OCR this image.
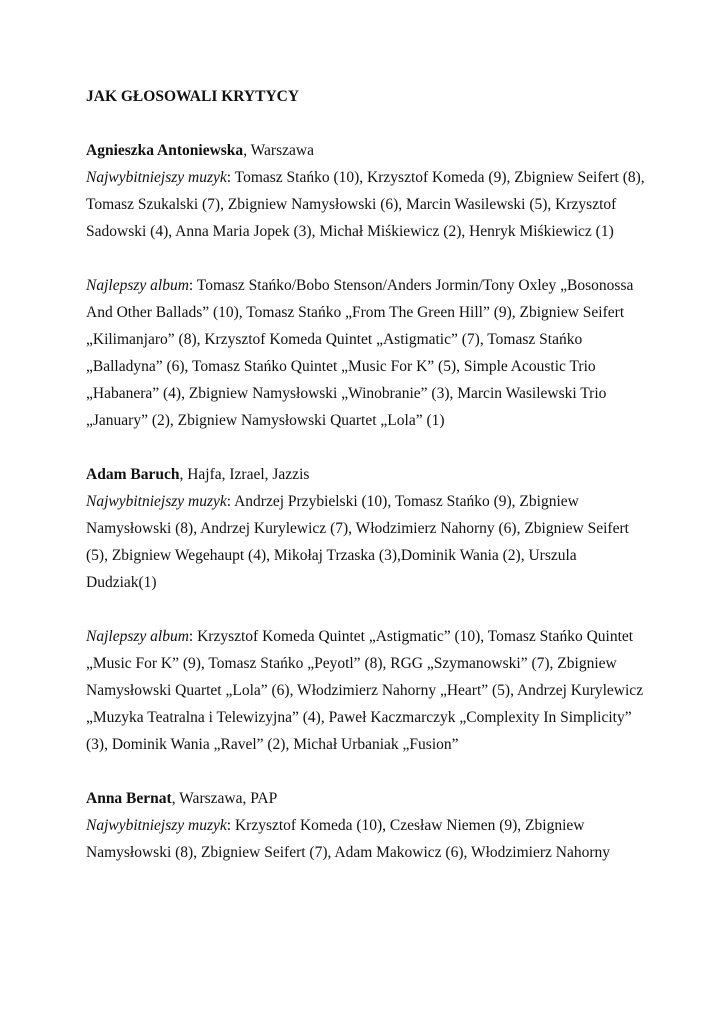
JAK GŁOSOWALI KRYTYCY

Agnieszka Antoniewska, Warszawa
Najwybitniejszy muzyk: Tomasz Stańko (10), Krzysztof Komeda (9), Zbigniew Seifert (8), Tomasz Szukalski (7), Zbigniew Namysłowski (6), Marcin Wasilewski (5), Krzysztof Sadowski (4), Anna Maria Jopek (3), Michał Miśkiewicz (2), Henryk Miśkiewicz (1)

Najlepszy album: Tomasz Stańko/Bobo Stenson/Anders Jormin/Tony Oxley „Bosonossa And Other Ballads” (10), Tomasz Stańko „From The Green Hill” (9), Zbigniew Seifert „Kilimanjaro” (8), Krzysztof Komeda Quintet „Astigmatic” (7), Tomasz Stańko „Balladyna” (6), Tomasz Stańko Quintet „Music For K” (5), Simple Acoustic Trio „Habanera” (4), Zbigniew Namysłowski „Winobranie” (3), Marcin Wasilewski Trio „January” (2), Zbigniew Namysłowski Quartet „Lola” (1)

Adam Baruch, Hajfa, Izrael, Jazzis
Najwybitniejszy muzyk: Andrzej Przybielski (10), Tomasz Stańko (9), Zbigniew Namysłowski (8), Andrzej Kurylewicz (7), Włodzimierz Nahorny (6), Zbigniew Seifert (5), Zbigniew Wegehaupt (4), Mikołaj Trzaska (3),Dominik Wania (2), Urszula Dudziak(1)

Najlepszy album: Krzysztof Komeda Quintet „Astigmatic” (10), Tomasz Stańko Quintet „Music For K” (9), Tomasz Stańko „Peyotl” (8), RGG „Szymanowski” (7), Zbigniew Namysłowski Quartet „Lola” (6), Włodzimierz Nahorny „Heart” (5), Andrzej Kurylewicz „Muzyka Teatralna i Telewizyjna” (4), Paweł Kaczmarczyk „Complexity In Simplicity” (3), Dominik Wania „Ravel” (2), Michał Urbaniak „Fusion”

Anna Bernat, Warszawa, PAP
Najwybitniejszy muzyk: Krzysztof Komeda (10), Czesław Niemen (9), Zbigniew Namysłowski (8), Zbigniew Seifert (7), Adam Makowicz (6), Włodzimierz Nahorny
